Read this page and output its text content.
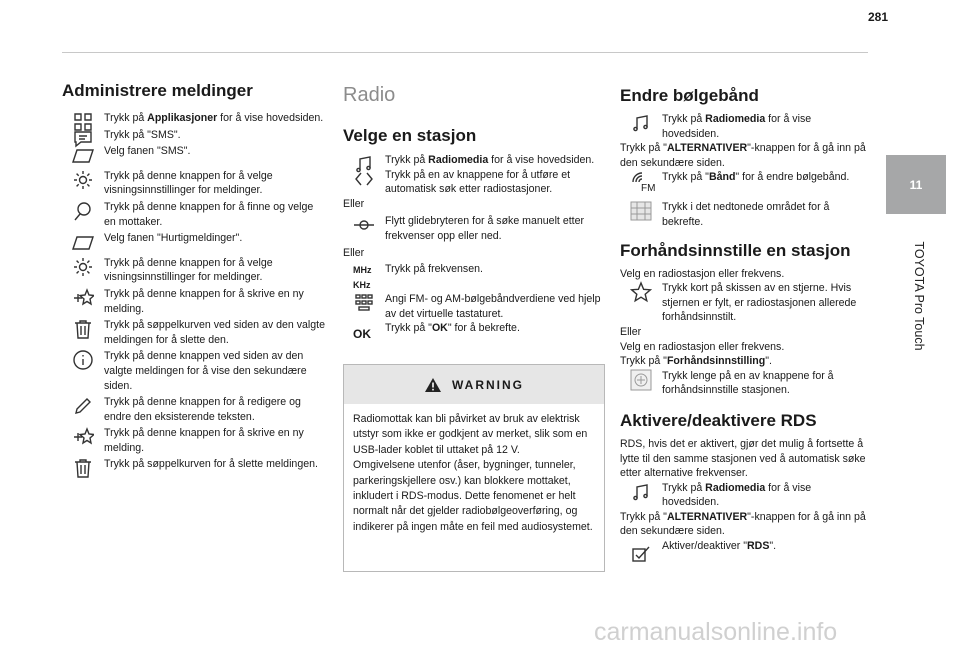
281
11
TOYOTA Pro Touch
Administrere meldinger
Trykk på Applikasjoner for å vise hovedsiden.
Trykk på "SMS".
Velg fanen "SMS".
Trykk på denne knappen for å velge visningsinnstillinger for meldinger.
Trykk på denne knappen for å finne og velge en mottaker.
Velg fanen "Hurtigmeldinger".
Trykk på denne knappen for å velge visningsinnstillinger for meldinger.
Trykk på denne knappen for å skrive en ny melding.
Trykk på søppelkurven ved siden av den valgte meldingen for å slette den.
Trykk på denne knappen ved siden av den valgte meldingen for å vise den sekundære siden.
Trykk på denne knappen for å redigere og endre den eksisterende teksten.
Trykk på denne knappen for å skrive en ny melding.
Trykk på søppelkurven for å slette meldingen.
Radio
Velge en stasjon
Trykk på Radiomedia for å vise hovedsiden.
Trykk på en av knappene for å utføre et automatisk søk etter radiostasjoner.
Eller
Flytt glidebryteren for å søke manuelt etter frekvenser opp eller ned.
Eller
MHz
KHz
Trykk på frekvensen.
Angi FM- og AM-bølgebåndverdiene ved hjelp av det virtuelle tastaturet.
OK	Trykk på "OK" for å bekrefte.
WARNING
Radiomottak kan bli påvirket av bruk av elektrisk utstyr som ikke er godkjent av merket, slik som en USB-lader koblet til uttaket på 12 V.
Omgivelsene utenfor (åser, bygninger, tunneler, parkeringskjellere osv.) kan blokkere mottaket, inkludert i RDS-modus. Dette fenomenet er helt normalt når det gjelder radiobølgeoverføring, og indikerer på ingen måte en feil med audiosystemet.
Endre bølgebånd
Trykk på Radiomedia for å vise hovedsiden.
Trykk på "ALTERNATIVER"-knappen for å gå inn på den sekundære siden.
FM
Trykk på "Bånd" for å endre bølgebånd.
Trykk i det nedtonede området for å bekrefte.
Forhåndsinnstille en stasjon
Velg en radiostasjon eller frekvens.
Trykk kort på skissen av en stjerne. Hvis stjernen er fylt, er radiostasjonen allerede forhåndsinnstilt.
Eller
Velg en radiostasjon eller frekvens.
Trykk på "Forhåndsinnstilling".
Trykk lenge på en av knappene for å forhåndsinnstille stasjonen.
Aktivere/deaktivere RDS
RDS, hvis det er aktivert, gjør det mulig å fortsette å lytte til den samme stasjonen ved å automatisk søke etter alternative frekvenser.
Trykk på Radiomedia for å vise hovedsiden.
Trykk på "ALTERNATIVER"-knappen for å gå inn på den sekundære siden.
Aktiver/deaktiver "RDS".
carmanualsonline.info
